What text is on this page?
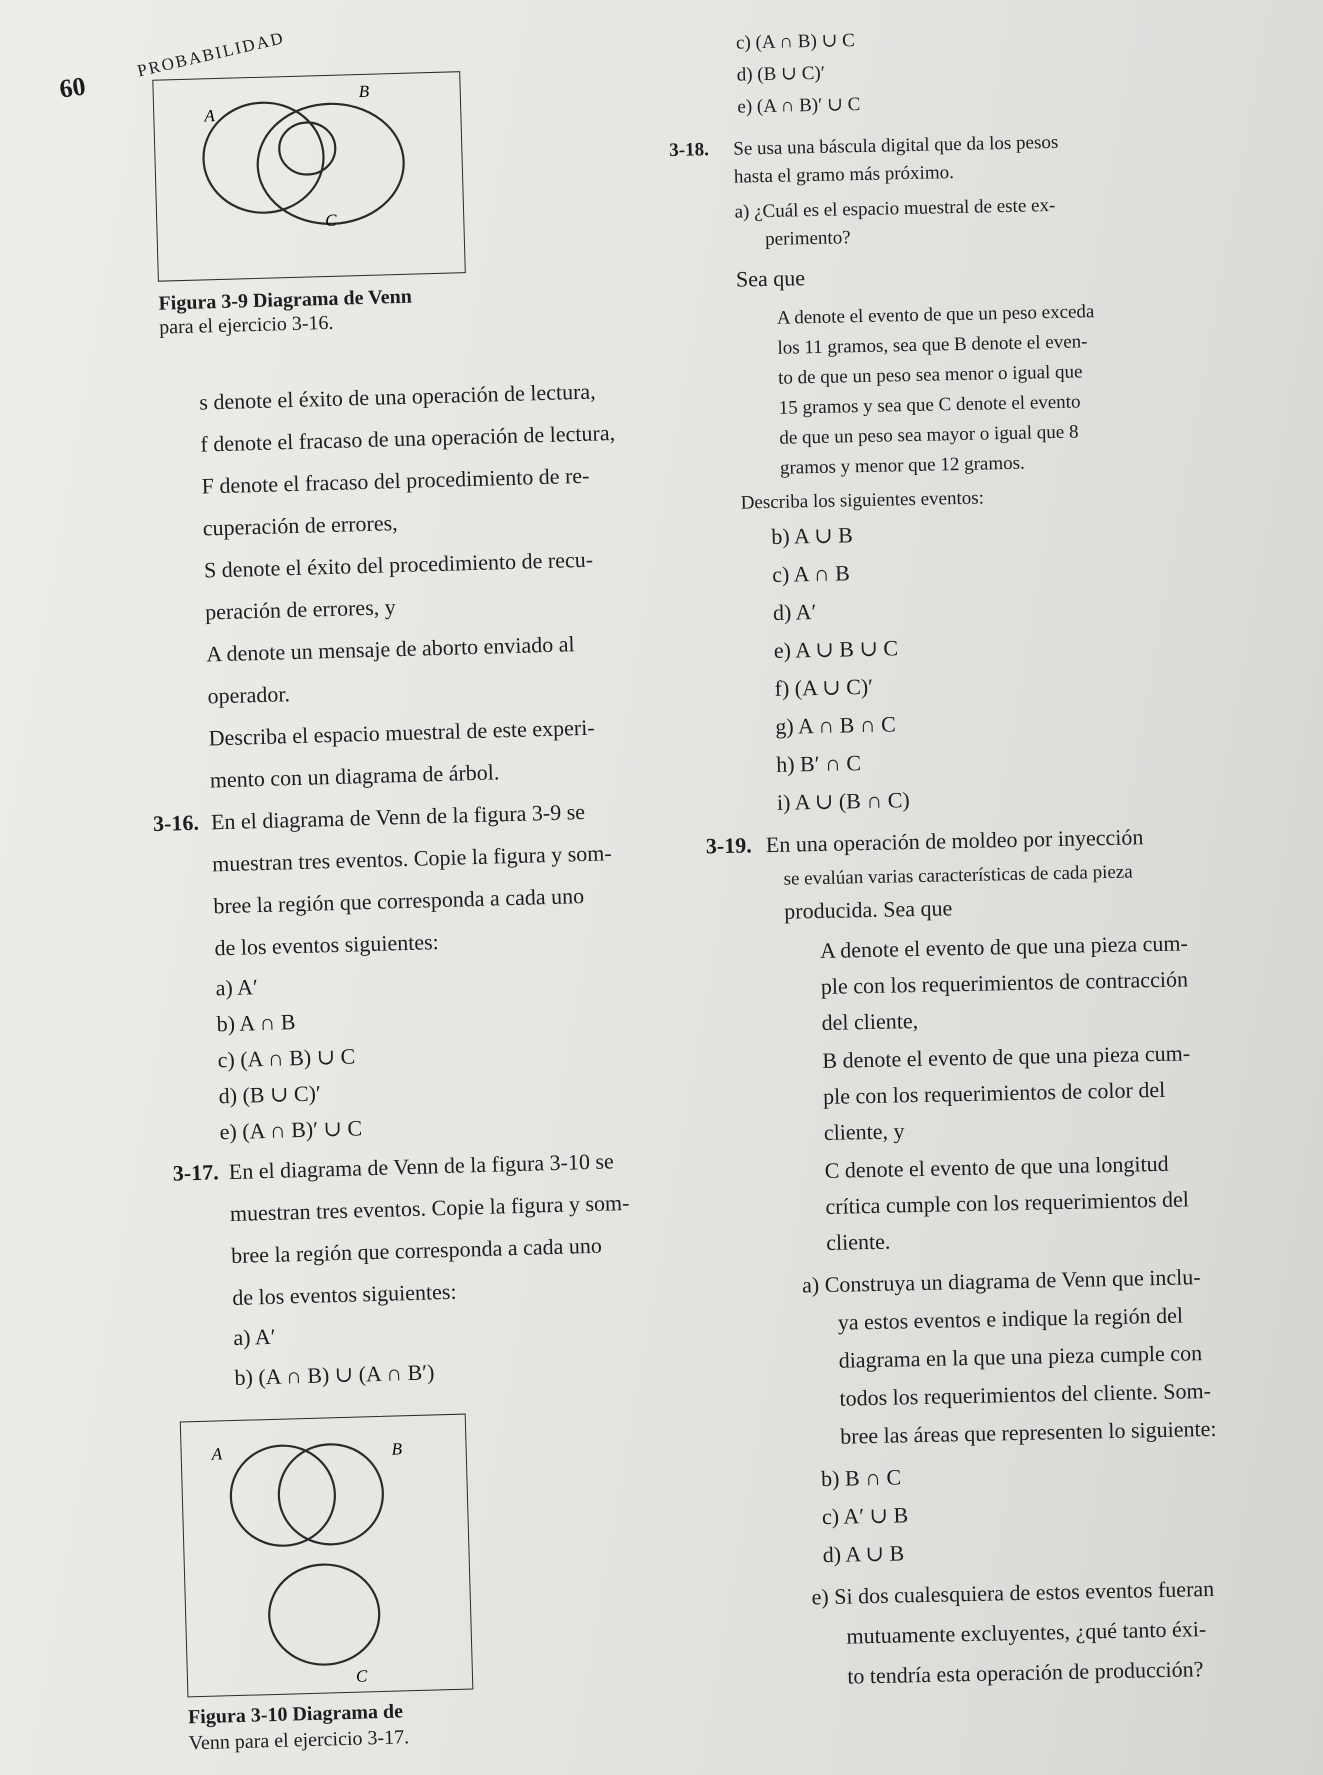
60
PROBABILIDAD
A
B
C
Figura 3-9 Diagrama de Venn
para el ejercicio 3-16.
s denote el éxito de una operación de lectura,
f denote el fracaso de una operación de lectura,
F denote el fracaso del procedimiento de re-
cuperación de errores,
S denote el éxito del procedimiento de recu-
peración de errores, y
A denote un mensaje de aborto enviado al
operador.
Describa el espacio muestral de este experi-
mento con un diagrama de árbol.
3-16. En el diagrama de Venn de la figura 3-9 se
muestran tres eventos. Copie la figura y som-
bree la región que corresponda a cada uno
de los eventos siguientes:
a) A′
b) A ∩ B
c) (A ∩ B) ∪ C
d) (B ∪ C)′
e) (A ∩ B)′ ∪ C
3-17. En el diagrama de Venn de la figura 3-10 se
muestran tres eventos. Copie la figura y som-
bree la región que corresponda a cada uno
de los eventos siguientes:
a) A′
b) (A ∩ B) ∪ (A ∩ B′)
A	B
C
Figura 3-10 Diagrama de
Venn para el ejercicio 3-17.
c) (A ∩ B) ∪ C
d) (B ∪ C)′
e) (A ∩ B)′ ∪ C
3-18. Se usa una báscula digital que da los pesos
hasta el gramo más próximo.
a) ¿Cuál es el espacio muestral de este ex-
perimento?
Sea que
A denote el evento de que un peso exceda
los 11 gramos, sea que B denote el even-
to de que un peso sea menor o igual que
15 gramos y sea que C denote el evento
de que un peso sea mayor o igual que 8
gramos y menor que 12 gramos.
Describa los siguientes eventos:
b) A ∪ B
c) A ∩ B
d) A′
e) A ∪ B ∪ C
f) (A ∪ C)′
g) A ∩ B ∩ C
h) B′ ∩ C
i) A ∪ (B ∩ C)
3-19. En una operación de moldeo por inyección
se evalúan varias características de cada pieza
producida. Sea que
A denote el evento de que una pieza cum-
ple con los requerimientos de contracción
del cliente,
B denote el evento de que una pieza cum-
ple con los requerimientos de color del
cliente, y
C denote el evento de que una longitud
crítica cumple con los requerimientos del
cliente.
a) Construya un diagrama de Venn que inclu-
ya estos eventos e indique la región del
diagrama en la que una pieza cumple con
todos los requerimientos del cliente. Som-
bree las áreas que representen lo siguiente:
b) B ∩ C
c) A′ ∪ B
d) A ∪ B
e) Si dos cualesquiera de estos eventos fueran
mutuamente excluyentes, ¿qué tanto éxi-
to tendría esta operación de producción?
